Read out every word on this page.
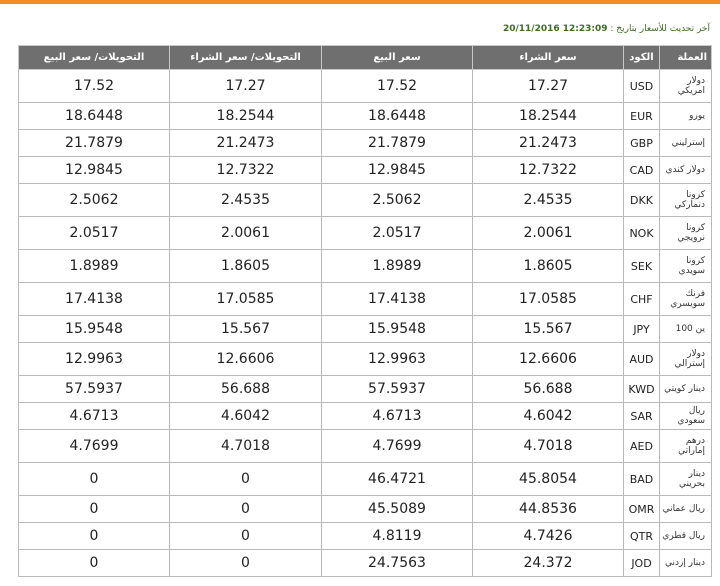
آخر تحديث للأسعار بتاريخ : 20/11/2016 12:23:09
العملة	الكود	سعر الشراء	سعر البيع	التحويلات/ سعر الشراء	التحويلات/ سعر البيع
دولار امريكي	USD	17.27	17.52	17.27	17.52
يورو	EUR	18.2544	18.6448	18.2544	18.6448
إسترليني	GBP	21.2473	21.7879	21.2473	21.7879
دولار كندي	CAD	12.7322	12.9845	12.7322	12.9845
كرونا دنماركي	DKK	2.4535	2.5062	2.4535	2.5062
كرونا نرويجي	NOK	2.0061	2.0517	2.0061	2.0517
كرونا سويدي	SEK	1.8605	1.8989	1.8605	1.8989
فرنك سويسري	CHF	17.0585	17.4138	17.0585	17.4138
ين 100	JPY	15.567	15.9548	15.567	15.9548
دولار إسترالي	AUD	12.6606	12.9963	12.6606	12.9963
دينار كويتي	KWD	56.688	57.5937	56.688	57.5937
ريال سعودي	SAR	4.6042	4.6713	4.6042	4.6713
درهم إماراتي	AED	4.7018	4.7699	4.7018	4.7699
دينار بحريني	BAD	45.8054	46.4721	0	0
ريال عماني	OMR	44.8536	45.5089	0	0
ريال قطري	QTR	4.7426	4.8119	0	0
دينار إردني	JOD	24.372	24.7563	0	0
